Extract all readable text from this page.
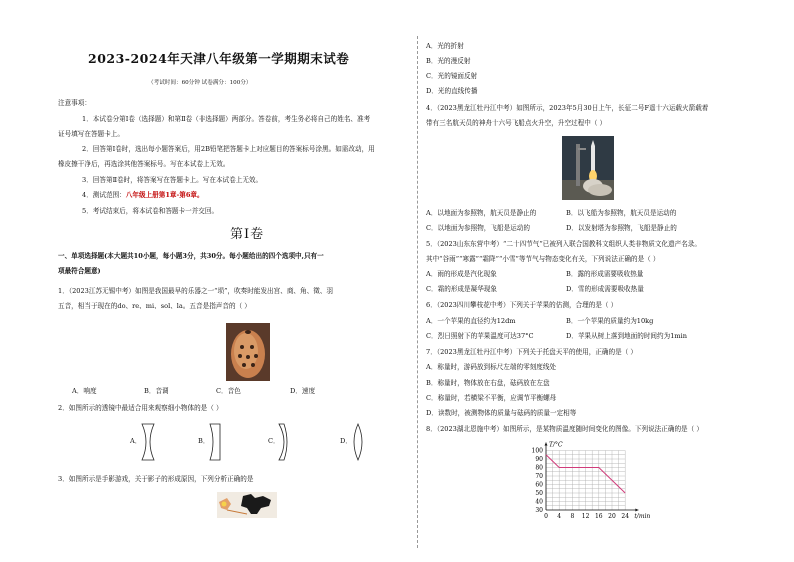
2023-2024年天津八年级第一学期期末试卷
（考试时间：60分钟 试卷满分：100分）
注意事项：
1．本试卷分第Ⅰ卷（选择题）和第Ⅱ卷（非选择题）两部分。答卷前，考生务必将自己的姓名、准考
证号填写在答题卡上。
2．回答第Ⅰ卷时，选出每小题答案后，用2B铅笔把答题卡上对应题目的答案标号涂黑。如需改动，用
橡皮擦干净后，再选涂其他答案标号。写在本试卷上无效。
3．回答第Ⅱ卷时，将答案写在答题卡上。写在本试卷上无效。
4．测试范围：八年级上册第1章-第6章。
5．考试结束后，将本试卷和答题卡一并交回。
第Ⅰ卷
一、单项选择题(本大题共10小题，每小题3分，共30分。每小题给出的四个选项中,只有一
项最符合题意)
1．（2023江苏无锡中考）如图是我国最早的乐器之一“埙”，吹奏时能发出宫、商、角、徵、羽
五音，相当于现在的do、re、mi、sol、la。五音是指声音的（ ）
A．响度	B．音调	C．音色	D．速度
2．如图所示的透镜中最适合用来观察细小物体的是（ ）
A．	B．	C．	D．
3．如图所示是手影游戏，关于影子的形成原因，下列分析正确的是
A．光的折射
B．光的漫反射
C．光的镜面反射
D．光的直线传播
4．（2023黑龙江牡丹江中考）如图所示，2023年5月30日上午，长征二号F遥十六运载火箭载着
带有三名航天员的神舟十六号飞船点火升空，升空过程中（ ）
A．以地面为参照物，航天员是静止的	B．以飞船为参照物，航天员是运动的
C．以地面为参照物，飞船是运动的	D．以发射塔为参照物，飞船是静止的
5．（2023山东东营中考）“二十四节气”已被列入联合国教科文组织人类非物质文化遗产名录。
其中“谷雨”“寒露”“霜降”“小雪”等节气与物态变化有关，下列说法正确的是（ ）
A．雨的形成是汽化现象	B．露的形成需要吸收热量
C．霜的形成是凝华现象	D．雪的形成需要吸收热量
6．（2023四川攀枝花中考）下列关于苹果的估测，合理的是（ ）
A．一个苹果的直径约为12dm	B．一个苹果的质量约为10kg
C．烈日照射下的苹果温度可达37°C	D．苹果从树上落到地面的时间约为1min
7．（2023黑龙江牡丹江中考）下列关于托盘天平的使用，正确的是（ ）
A．称量时，游码放到标尺左端的零刻度线处
B．称量时，物体放在右盘，砝码放在左盘
C．称量时，若横梁不平衡，应调节平衡螺母
D．读数时，被测物体的质量与砝码的质量一定相等
8．（2023湖北恩施中考）如图所示，是某物质温度随时间变化的图像。下列说法正确的是（ ）
0 4 8 12 16 20 24
30
40
50
60
70
80
90
100
T/°C
t/min
